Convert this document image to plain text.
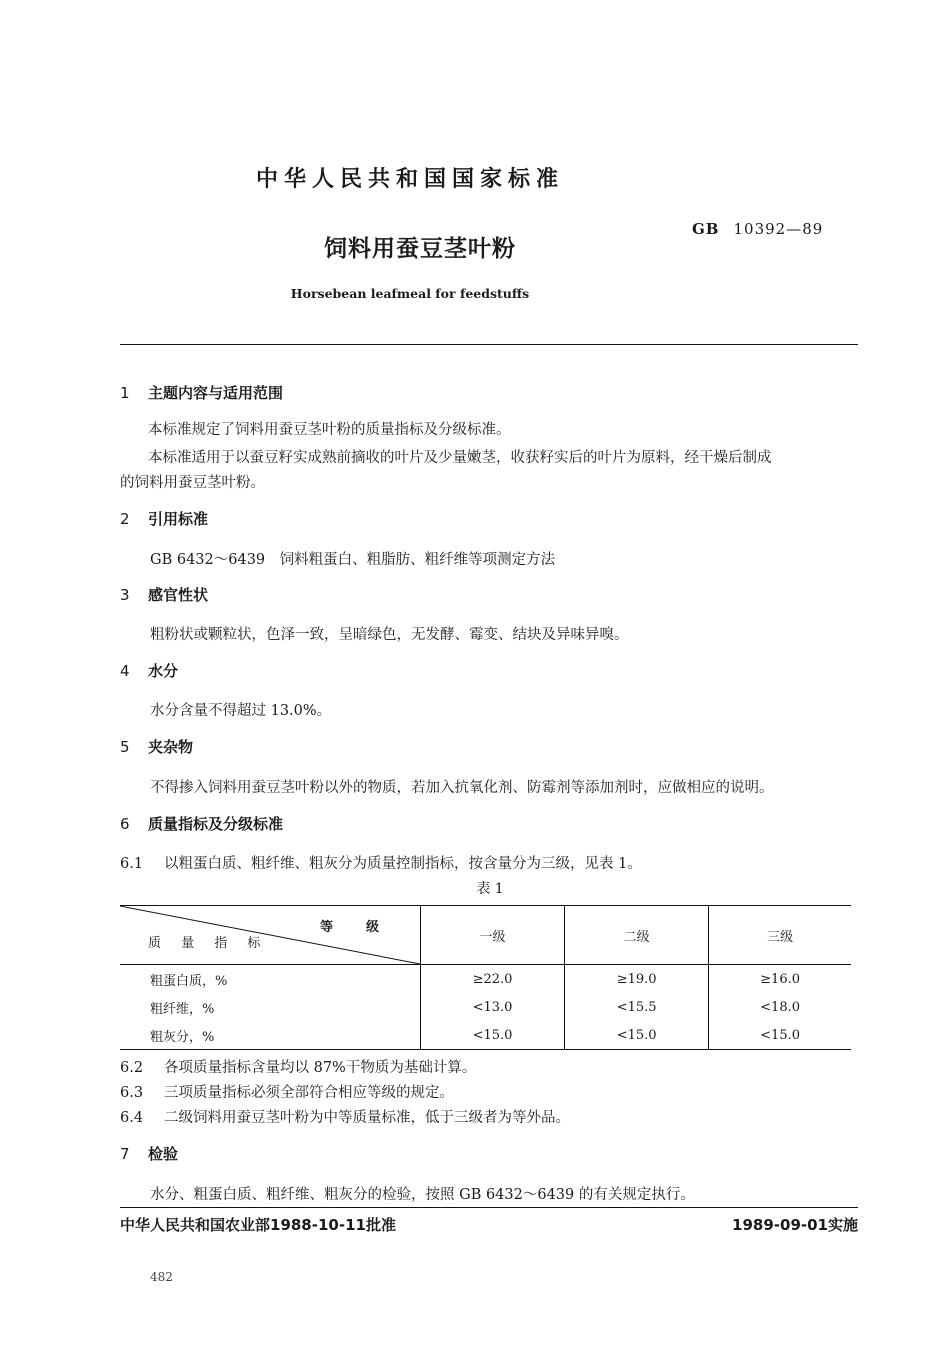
中华人民共和国国家标准
GB 10392—89
饲料用蚕豆茎叶粉
Horsebean leafmeal for feedstuffs
1 主题内容与适用范围
本标准规定了饲料用蚕豆茎叶粉的质量指标及分级标准。
本标准适用于以蚕豆籽实成熟前摘收的叶片及少量嫩茎，收获籽实后的叶片为原料，经干燥后制成
的饲料用蚕豆茎叶粉。
2 引用标准
GB 6432～6439　饲料粗蛋白、粗脂肪、粗纤维等项测定方法
3 感官性状
粗粉状或颗粒状，色泽一致，呈暗绿色，无发酵、霉变、结块及异味异嗅。
4 水分
水分含量不得超过 13.0%。
5 夹杂物
不得掺入饲料用蚕豆茎叶粉以外的物质，若加入抗氧化剂、防霉剂等添加剂时，应做相应的说明。
6 质量指标及分级标准
6.1 以粗蛋白质、粗纤维、粗灰分为质量控制指标，按含量分为三级，见表 1。
表 1
等　级
质 量 指 标	一级	二级	三级
粗蛋白质，%	≥22.0	≥19.0	≥16.0
粗纤维，%	<13.0	<15.5	<18.0
粗灰分，%	<15.0	<15.0	<15.0
6.2 各项质量指标含量均以 87%干物质为基础计算。
6.3 三项质量指标必须全部符合相应等级的规定。
6.4 二级饲料用蚕豆茎叶粉为中等质量标准，低于三级者为等外品。
7 检验
水分、粗蛋白质、粗纤维、粗灰分的检验，按照 GB 6432～6439 的有关规定执行。
中华人民共和国农业部1988-10-11批准	1989-09-01实施
482
